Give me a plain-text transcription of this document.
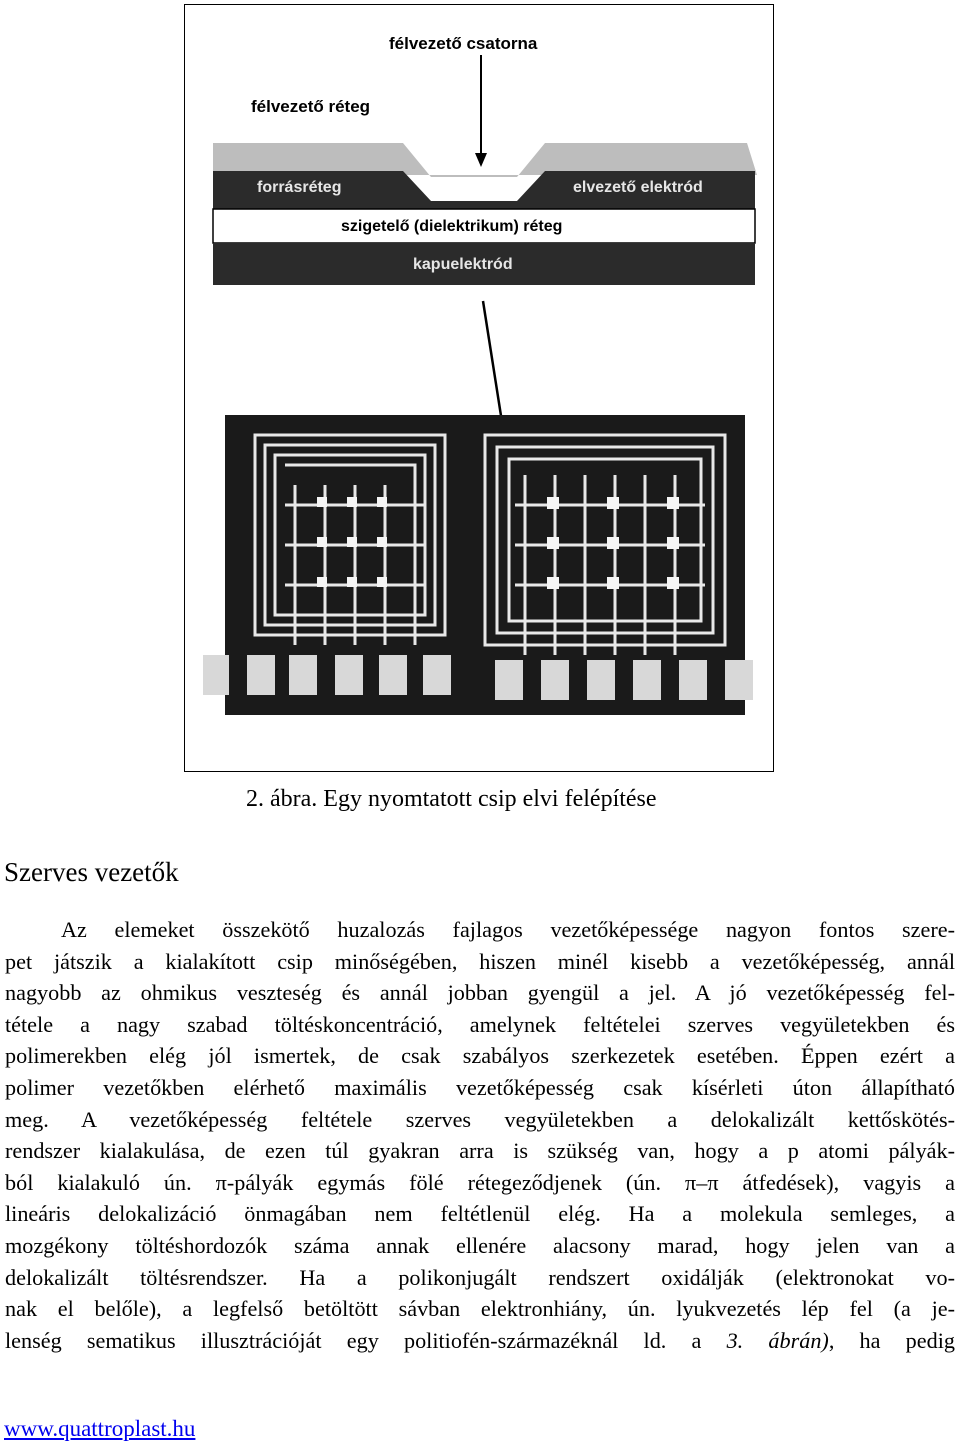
félvezető csatorna
félvezető réteg
forrásréteg	elvezető elektród
szigetelő (dielektrikum) réteg
kapuelektród
2. ábra. Egy nyomtatott csip elvi felépítése
Szerves vezetők
Az elemeket összekötő huzalozás fajlagos vezetőképessége nagyon fontos szere-
pet játszik a kialakított csip minőségében, hiszen minél kisebb a vezetőképesség, annál
nagyobb az ohmikus veszteség és annál jobban gyengül a jel. A jó vezetőképesség fel-
tétele a nagy szabad töltéskoncentráció, amelynek feltételei szerves vegyületekben és
polimerekben elég jól ismertek, de csak szabályos szerkezetek esetében. Éppen ezért a
polimer vezetőkben elérhető maximális vezetőképesség csak kísérleti úton állapítható
meg. A vezetőképesség feltétele szerves vegyületekben a delokalizált kettőskötés-
rendszer kialakulása, de ezen túl gyakran arra is szükség van, hogy a p atomi pályák-
ból kialakuló ún. π-pályák egymás fölé rétegeződjenek (ún. π–π átfedések), vagyis a
lineáris delokalizáció önmagában nem feltétlenül elég. Ha a molekula semleges, a
mozgékony töltéshordozók száma annak ellenére alacsony marad, hogy jelen van a
delokalizált töltésrendszer. Ha a polikonjugált rendszert oxidálják (elektronokat vo-
nak el belőle), a legfelső betöltött sávban elektronhiány, ún. lyukvezetés lép fel (a je-
lenség sematikus illusztrációját egy politiofén-származéknál ld. a 3. ábrán), ha pedig
www.quattroplast.hu
